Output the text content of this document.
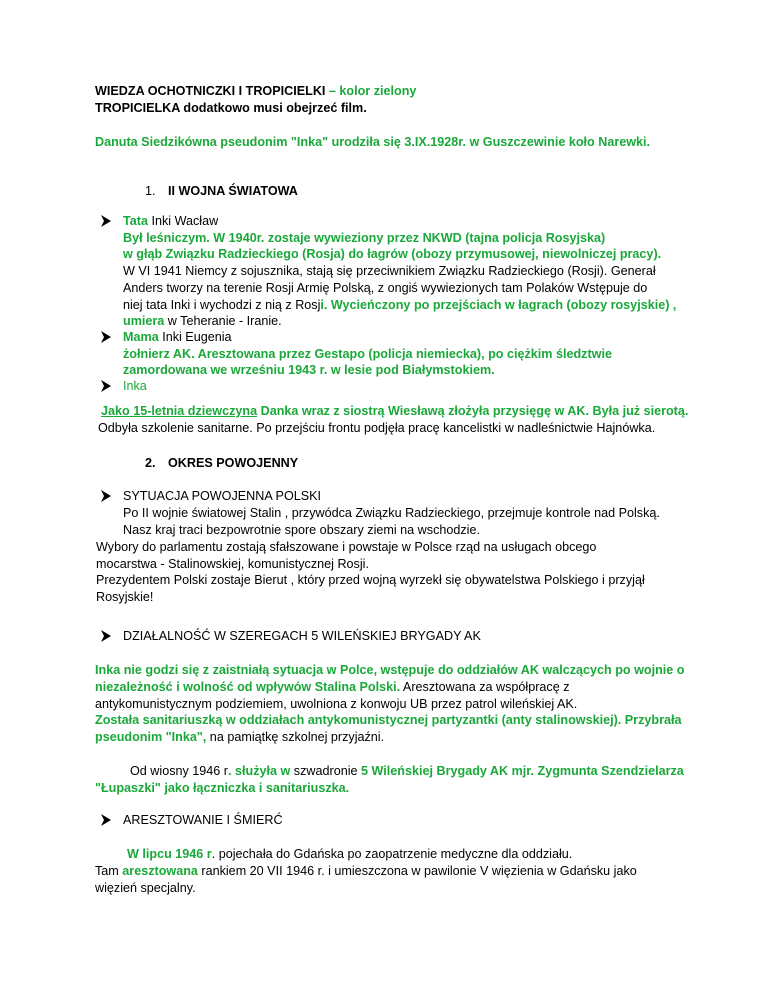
WIEDZA OCHOTNICZKI I TROPICIELKI – kolor zielony

TROPICIELKA dodatkowo musi obejrzeć film.

Danuta Siedzikówna pseudonim "Inka" urodziła się 3.IX.1928r. w Guszczewinie koło Narewki.

1. II WOJNA ŚWIATOWA

Tata Inki Wacław

Był leśniczym. W 1940r. zostaje wywieziony przez NKWD (tajna policja Rosyjska)

w głąb Związku Radzieckiego (Rosja) do łagrów (obozy przymusowej, niewolniczej pracy).

W VI 1941 Niemcy z sojusznika, stają się przeciwnikiem Związku Radzieckiego (Rosji). Generał

Anders tworzy na terenie Rosji Armię Polską, z ongiś wywiezionych tam Polaków Wstępuje do

niej tata Inki i wychodzi z nią z Rosji. Wycieńczony po przejściach w łagrach (obozy rosyjskie) ,

umiera w Teheranie - Iranie.

Mama Inki Eugenia

żołnierz AK. Aresztowana przez Gestapo (policja niemiecka), po ciężkim śledztwie

zamordowana we wrześniu 1943 r. w lesie pod Białymstokiem.

Inka

Jako 15-letnia dziewczyna Danka wraz z siostrą Wiesławą złożyła przysięgę w AK. Była już sierotą.

Odbyła szkolenie sanitarne. Po przejściu frontu podjęła pracę kancelistki w nadleśnictwie Hajnówka.

2. OKRES POWOJENNY

SYTUACJA POWOJENNA POLSKI

Po II wojnie światowej Stalin , przywódca Związku Radzieckiego, przejmuje kontrole nad Polską.

Nasz kraj traci bezpowrotnie spore obszary ziemi na wschodzie.

Wybory do parlamentu zostają sfałszowane i powstaje w Polsce rząd na usługach obcego

mocarstwa - Stalinowskiej, komunistycznej Rosji.

Prezydentem Polski zostaje Bierut , który przed wojną wyrzekł się obywatelstwa Polskiego i przyjął

Rosyjskie!

DZIAŁALNOŚĆ W SZEREGACH 5 WILEŃSKIEJ BRYGADY AK

Inka nie godzi się z zaistniałą sytuacja w Polce, wstępuje do oddziałów AK walczących po wojnie o

niezależność i wolność od wpływów Stalina Polski. Aresztowana za współpracę z

antykomunistycznym podziemiem, uwolniona z konwoju UB przez patrol wileńskiej AK.

Została sanitariuszką w oddziałach antykomunistycznej partyzantki (anty stalinowskiej). Przybrała

pseudonim "Inka", na pamiątkę szkolnej przyjaźni.

Od wiosny 1946 r. służyła w szwadronie 5 Wileńskiej Brygady AK mjr. Zygmunta Szendzielarza

"Łupaszki" jako łączniczka i sanitariuszka.

ARESZTOWANIE I ŚMIERĆ

W lipcu 1946 r. pojechała do Gdańska po zaopatrzenie medyczne dla oddziału.

Tam aresztowana rankiem 20 VII 1946 r. i umieszczona w pawilonie V więzienia w Gdańsku jako

więzień specjalny.
